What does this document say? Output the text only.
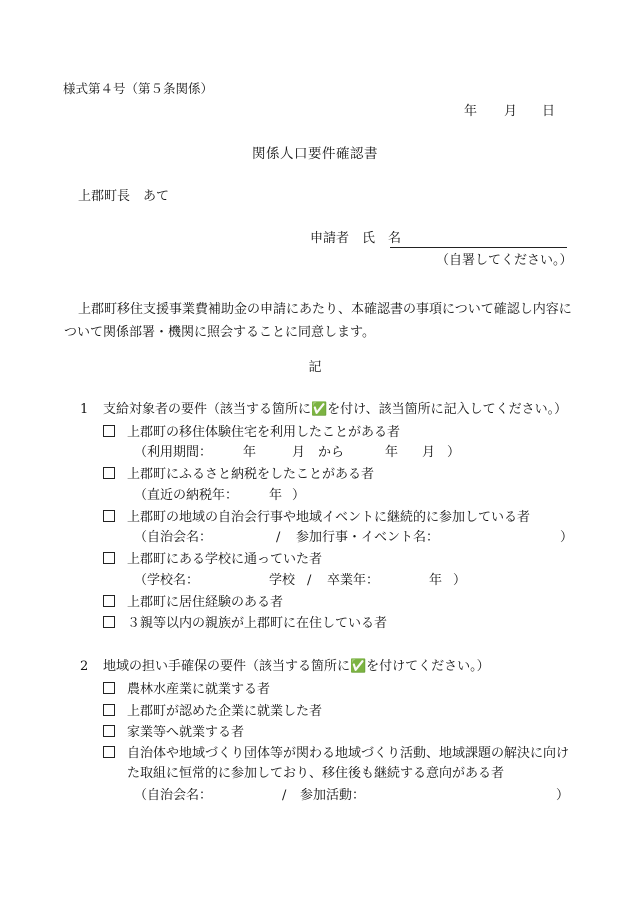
様式第４号（第５条関係）
年 月 日
関係人口要件確認書
上郡町長　あて
申請者　氏　名
（自署してください。）
上郡町移住支援事業費補助金の申請にあたり、本確認書の事項について確認し内容について関係部署・機関に照会することに同意します。
記
1 支給対象者の要件（該当する箇所に✅を付け、該当箇所に記入してください。）
上郡町の移住体験住宅を利用したことがある者
（利用期間： 年	月 から	年 月 ）
上郡町にふるさと納税をしたことがある者
（直近の納税年： 年 ）
上郡町の地域の自治会行事や地域イベントに継続的に参加している者
（自治会名：	/ 参加行事・イベント名：	）
上郡町にある学校に通っていた者
（学校名：	学校 / 卒業年：	年 ）
上郡町に居住経験のある者
３親等以内の親族が上郡町に在住している者
2 地域の担い手確保の要件（該当する箇所に✅を付けてください。）
農林水産業に就業する者
上郡町が認めた企業に就業した者
家業等へ就業する者
自治体や地域づくり団体等が関わる地域づくり活動、地域課題の解決に向け
た取組に恒常的に参加しており、移住後も継続する意向がある者
（自治会名：	/ 参加活動：	）
